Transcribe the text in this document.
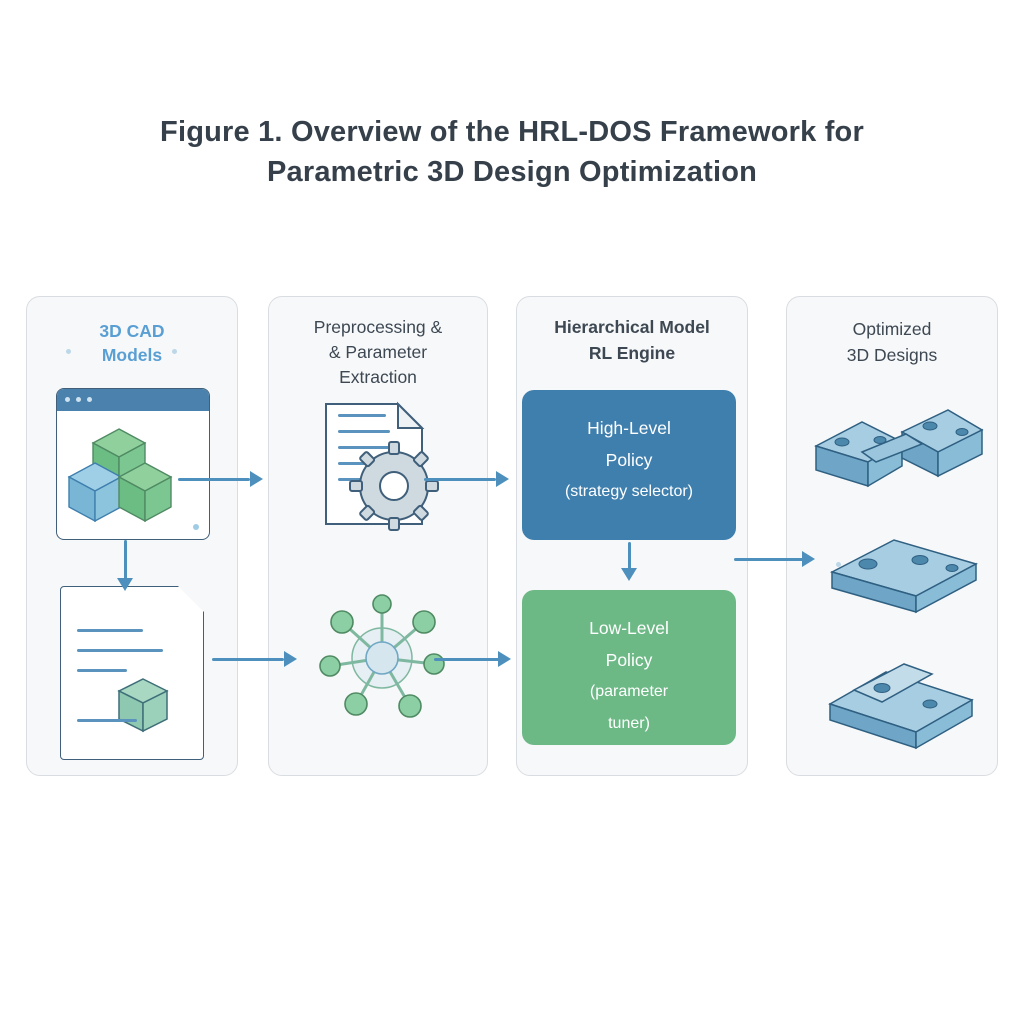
Figure 1. Overview of the HRL-DOS Framework for
Parametric 3D Design Optimization
3D CAD
Models
Preprocessing &
& Parameter
Extraction
Hierarchical Model
RL Engine
High-Level
Policy
(strategy selector)
Low-Level
Policy
(parameter
tuner)
Optimized
3D Designs
